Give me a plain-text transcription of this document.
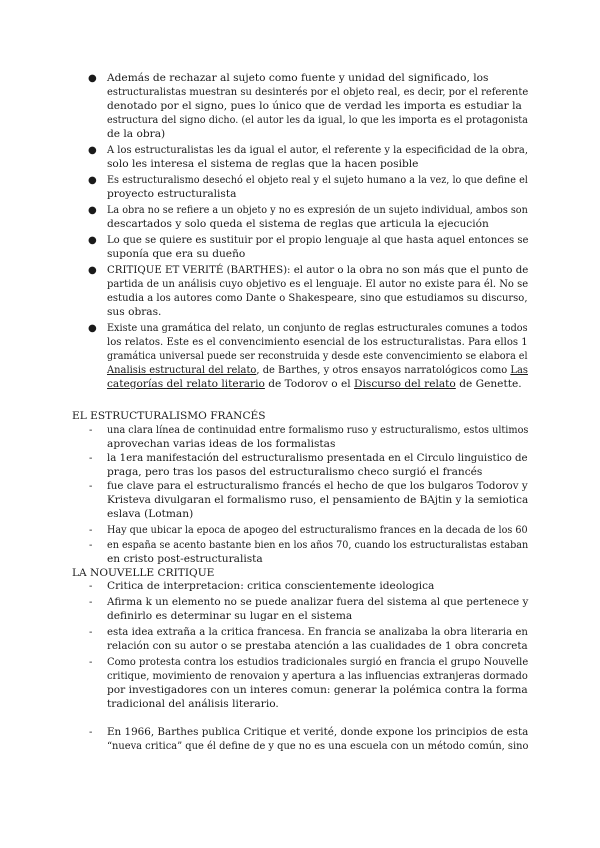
● Además de rechazar al sujeto como fuente y unidad del significado, los
estructuralistas muestran su desinterés por el objeto real, es decir, por el referente
denotado por el signo, pues lo único que de verdad les importa es estudiar la
estructura del signo dicho. (el autor les da igual, lo que les importa es el protagonista
de la obra)
● A los estructuralistas les da igual el autor, el referente y la especificidad de la obra,
solo les interesa el sistema de reglas que la hacen posible
● Es estructuralismo desechó el objeto real y el sujeto humano a la vez, lo que define el
proyecto estructuralista
● La obra no se refiere a un objeto y no es expresión de un sujeto individual, ambos son
descartados y solo queda el sistema de reglas que articula la ejecución
● Lo que se quiere es sustituir por el propio lenguaje al que hasta aquel entonces se
suponía que era su dueño
● CRITIQUE ET VERITÉ (BARTHES): el autor o la obra no son más que el punto de
partida de un análisis cuyo objetivo es el lenguaje. El autor no existe para él. No se
estudia a los autores como Dante o Shakespeare, sino que estudiamos su discurso,
sus obras.
● Existe una gramática del relato, un conjunto de reglas estructurales comunes a todos
los relatos. Este es el convencimiento esencial de los estructuralistas. Para ellos 1
gramática universal puede ser reconstruida y desde este convencimiento se elabora el
Analisis estructural del relato, de Barthes, y otros ensayos narratológicos como Las
categorías del relato literario de Todorov o el Discurso del relato de Genette.
EL ESTRUCTURALISMO FRANCÉS
- una clara línea de continuidad entre formalismo ruso y estructuralismo, estos ultimos
aprovechan varias ideas de los formalistas
- la 1era manifestación del estructuralismo presentada en el Circulo linguistico de
praga, pero tras los pasos del estructuralismo checo surgió el francés
- fue clave para el estructuralismo francés el hecho de que los bulgaros Todorov y
Kristeva divulgaran el formalismo ruso, el pensamiento de BAjtin y la semiotica
eslava (Lotman)
- Hay que ubicar la epoca de apogeo del estructuralismo frances en la decada de los 60
- en españa se acento bastante bien en los años 70, cuando los estructuralistas estaban
en cristo post-estructuralista
LA NOUVELLE CRITIQUE
- Critica de interpretacion: critica conscientemente ideologica
- Afirma k un elemento no se puede analizar fuera del sistema al que pertenece y
definirlo es determinar su lugar en el sistema
- esta idea extraña a la critica francesa. En francia se analizaba la obra literaria en
relación con su autor o se prestaba atención a las cualidades de 1 obra concreta
- Como protesta contra los estudios tradicionales surgió en francia el grupo Nouvelle
critique, movimiento de renovaion y apertura a las influencias extranjeras dormado
por investigadores con un interes comun: generar la polémica contra la forma
tradicional del análisis literario.
- En 1966, Barthes publica Critique et verité, donde expone los principios de esta
“nueva critica” que él define de y que no es una escuela con un método común, sino
